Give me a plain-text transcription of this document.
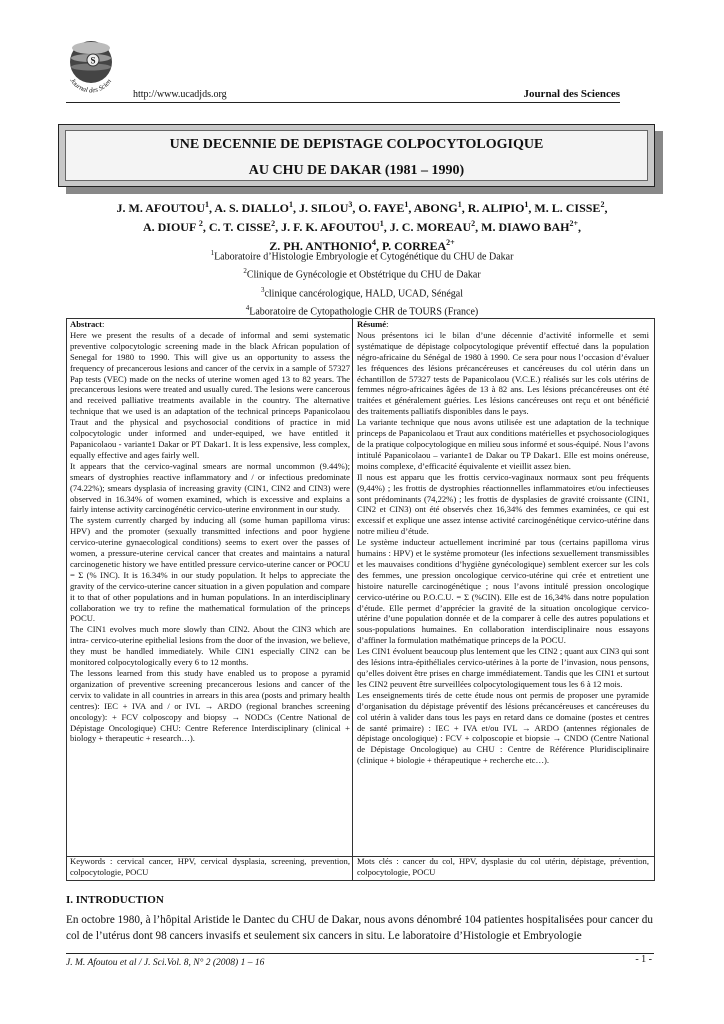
S
Journal des Scien
http://www.ucadjds.org	Journal des Sciences
UNE DECENNIE DE DEPISTAGE COLPOCYTOLOGIQUE
AU CHU DE DAKAR (1981 – 1990)
J. M. AFOUTOU$^1$, A. S. DIALLO$^1$, J. SILOU$^3$, O. FAYE$^1$, ABONG$^1$, R. ALIPIO$^1$, M. L. CISSE$^2$,
A. DIOUF $^2$, C. T. CISSE$^2$, J. F. K. AFOUTOU$^1$, J. C. MOREAU$^2$, M. DIAWO $BAH^{2+}$,
Z. PH. ANTHONIO$^4$, P. $CORREA^{2+}$
$^1$Laboratoire d’Histologie Embryologie et Cytogénétique du CHU de Dakar
$^2$Clinique de Gynécologie et Obstétrique du CHU de Dakar
$^3$clinique cancérologique, HALD, UCAD, Sénégal
$^4$Laboratoire de Cytopathologie CHR de TOURS (France)
Abstract:
Here we present the results of a decade of informal and semi systematic preventive colpocytologic screening made in the black African population of Senegal for 1980 to 1990. This will give us an opportunity to assess the frequency of precancerous lesions and cancer of the cervix in a sample of 57327 Pap tests (VEC) made on the necks of uterine women aged 13 to 82 years. The precancerous lesions were treated and usually cured. The lesions were cancerous and received palliative treatments available in the country. The alternative technique that we used is an adaptation of the technical princeps Papanicolaou Traut and the physical and psychosocial conditions of practice in mid colpocytologic under informed and under-equiped, we have entitled it Papanicolaou - variante1 Dakar or PT Dakar1. It is less expensive, less complex, equally effective and ages fairly well.
It appears that the cervico-vaginal smears are normal uncommon (9.44%); smears of dystrophies reactive inflammatory and / or infectious predominate (74.22%); smears dysplasia of increasing gravity (CIN1, CIN2 and CIN3) were observed in 16.34% of women examined, which is excessive and explains a fairly intense activity carcinogénétic cervico-uterine environment in our study.
The system currently charged by inducing all (some human papilloma virus: HPV) and the promoter (sexually transmitted infections and poor hygiene cervico-uterine gynaecological conditions) seems to exert over the passes of women, a pressure-uterine cervical cancer that creates and maintains a natural carcinogenetic history we have entitled pressure cervico-uterine cancer or POCU = Σ (% INC). It is 16.34% in our study population. It helps to appreciate the gravity of the cervico-uterine cancer situation in a given population and compare it to that of other populations and in human populations. In an interdisciplinary collaboration we try to refine the mathematical formulation of the princeps POCU.
The CIN1 evolves much more slowly than CIN2. About the CIN3 which are intra- cervico-uterine epithelial lesions from the door of the invasion, we believe, they must be handled immediately. While CIN1 especially CIN2 can be monitored colpocytologically every 6 to 12 months.
The lessons learned from this study have enabled us to propose a pyramid organization of preventive screening precancerous lesions and cancer of the cervix to validate in all countries in arrears in this area (posts and primary health centres): IEC + IVA and / or IVL → ARDO (regional branches screening oncology): + FCV colposcopy and biopsy → NODCs (Centre National de Dépistage Oncologique) CHU: Centre Reference Interdisciplinary (clinical + biology + therapeutic + research…).
Résumé:
Nous présentons ici le bilan d’une décennie d’activité informelle et semi systématique de dépistage colpocytologique préventif effectué dans la population négro-africaine du Sénégal de 1980 à 1990. Ce sera pour nous l’occasion d’évaluer les fréquences des lésions précancéreuses et cancéreuses du col utérin dans un échantillon de 57327 tests de Papanicolaou (V.C.E.) réalisés sur les cols utérins de femmes négro-africaines âgées de 13 à 82 ans. Les lésions précancéreuses ont été traitées et généralement guéries. Les lésions cancéreuses ont reçu et ont bénéficié des traitements palliatifs disponibles dans le pays.
La variante technique que nous avons utilisée est une adaptation de la technique princeps de Papanicolaou et Traut aux conditions matérielles et psychosociologiques de la pratique colpocytologique en milieu sous informé et sous-équipé. Nous l’avons intitulé Papanicolaou – variante1 de Dakar ou TP Dakar1. Elle est moins onéreuse, moins complexe, d’efficacité équivalente et vieillit assez bien.
Il nous est apparu que les frottis cervico-vaginaux normaux sont peu fréquents (9,44%) ; les frottis de dystrophies réactionnelles inflammatoires et/ou infectieuses sont prédominants (74,22%) ; les frottis de dysplasies de gravité croissante (CIN1, CIN2 et CIN3) ont été observés chez 16,34% des femmes examinées, ce qui est excessif et explique une assez intense activité carcinogénétique cervico-utérine dans notre milieu d’étude.
Le système inducteur actuellement incriminé par tous (certains papilloma virus humains : HPV) et le système promoteur (les infections sexuellement transmissibles et les mauvaises conditions d’hygiène gynécologique) semblent exercer sur les cols des femmes, une pression oncologique cervico-utérine qui crée et entretient une histoire naturelle carcinogénétique ; nous l’avons intitulé pression oncologique cervico-utérine ou P.O.C.U. = Σ (%CIN). Elle est de 16,34% dans notre population d’étude. Elle permet d’apprécier la gravité de la situation oncologique cervico-utérine d’une population donnée et de la comparer à celle des autres populations et sous-populations humaines. En collaboration interdisciplinaire nous essayons d’affiner la formulation mathématique princeps de la POCU.
Les CIN1 évoluent beaucoup plus lentement que les CIN2 ; quant aux CIN3 qui sont des lésions intra-épithéliales cervico-utérines à la porte de l’invasion, nous pensons, qu’elles doivent être prises en charge immédiatement. Tandis que les CIN1 et surtout les CIN2 peuvent être surveillées colpocytologiquement tous les 6 à 12 mois.
Les enseignements tirés de cette étude nous ont permis de proposer une pyramide d’organisation du dépistage préventif des lésions précancéreuses et cancéreuses du col utérin à valider dans tous les pays en retard dans ce domaine (postes et centres de santé primaire) : IEC + IVA et/ou IVL → ARDO (antennes régionales de dépistage oncologique) : FCV + colposcopie et biopsie → CNDO (Centre National de Dépistage Oncologique) au CHU : Centre de Référence Pluridisciplinaire (clinique + biologie + thérapeutique + recherche etc…).
Keywords : cervical cancer, HPV, cervical dysplasia, screening, prevention, colpocytologie, POCU
Mots clés : cancer du col, HPV, dysplasie du col utérin, dépistage, prévention, colpocytologie, POCU
I. INTRODUCTION
En octobre 1980, à l’hôpital Aristide le Dantec du CHU de Dakar, nous avons dénombré 104 patientes hospitalisées pour cancer du col de l’utérus dont 98 cancers invasifs et seulement six cancers in situ. Le laboratoire d’Histologie et Embryologie
J. M. Afoutou et al / J. Sci.Vol. 8, N° 2 (2008) 1 – 16	- 1 -
